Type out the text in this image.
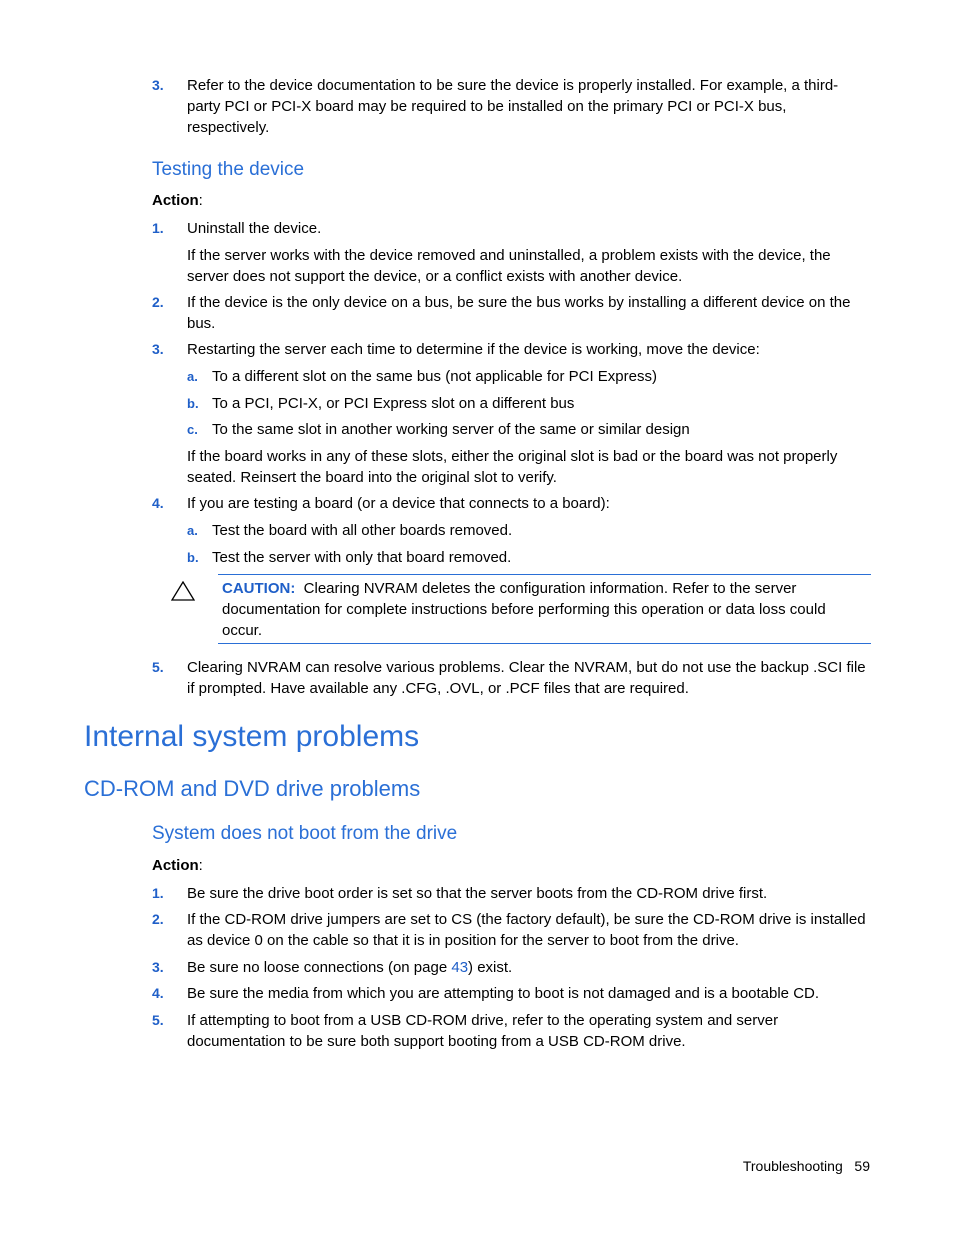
3. Refer to the device documentation to be sure the device is properly installed. For example, a third-party PCI or PCI-X board may be required to be installed on the primary PCI or PCI-X bus, respectively.
Testing the device
Action:
1. Uninstall the device.
If the server works with the device removed and uninstalled, a problem exists with the device, the server does not support the device, or a conflict exists with another device.
2. If the device is the only device on a bus, be sure the bus works by installing a different device on the bus.
3. Restarting the server each time to determine if the device is working, move the device:
a. To a different slot on the same bus (not applicable for PCI Express)
b. To a PCI, PCI-X, or PCI Express slot on a different bus
c. To the same slot in another working server of the same or similar design
If the board works in any of these slots, either the original slot is bad or the board was not properly seated. Reinsert the board into the original slot to verify.
4. If you are testing a board (or a device that connects to a board):
a. Test the board with all other boards removed.
b. Test the server with only that board removed.
CAUTION: Clearing NVRAM deletes the configuration information. Refer to the server documentation for complete instructions before performing this operation or data loss could occur.
5. Clearing NVRAM can resolve various problems. Clear the NVRAM, but do not use the backup .SCI file if prompted. Have available any .CFG, .OVL, or .PCF files that are required.
Internal system problems
CD-ROM and DVD drive problems
System does not boot from the drive
Action:
1. Be sure the drive boot order is set so that the server boots from the CD-ROM drive first.
2. If the CD-ROM drive jumpers are set to CS (the factory default), be sure the CD-ROM drive is installed as device 0 on the cable so that it is in position for the server to boot from the drive.
3. Be sure no loose connections (on page 43) exist.
4. Be sure the media from which you are attempting to boot is not damaged and is a bootable CD.
5. If attempting to boot from a USB CD-ROM drive, refer to the operating system and server documentation to be sure both support booting from a USB CD-ROM drive.
Troubleshooting 59
